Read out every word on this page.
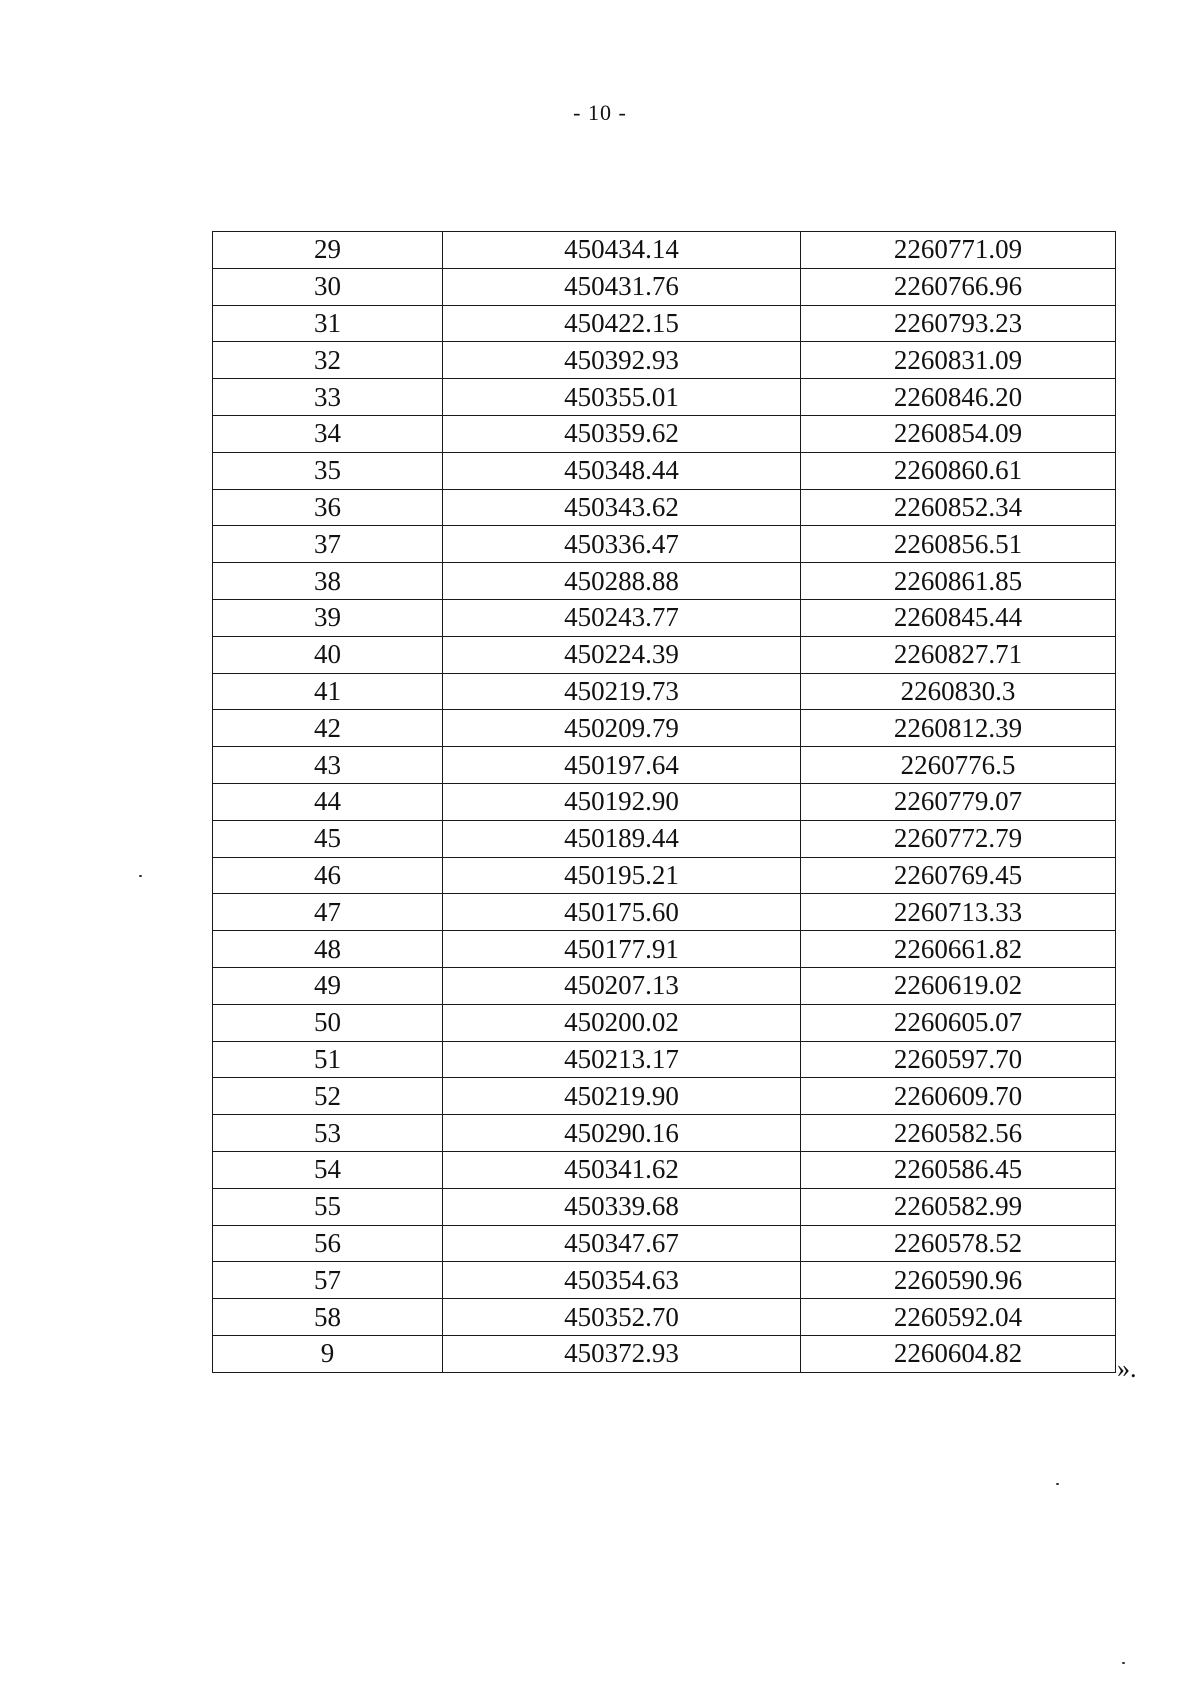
- 10 -
29	450434.14	2260771.09
30	450431.76	2260766.96
31	450422.15	2260793.23
32	450392.93	2260831.09
33	450355.01	2260846.20
34	450359.62	2260854.09
35	450348.44	2260860.61
36	450343.62	2260852.34
37	450336.47	2260856.51
38	450288.88	2260861.85
39	450243.77	2260845.44
40	450224.39	2260827.71
41	450219.73	2260830.3
42	450209.79	2260812.39
43	450197.64	2260776.5
44	450192.90	2260779.07
45	450189.44	2260772.79
46	450195.21	2260769.45
47	450175.60	2260713.33
48	450177.91	2260661.82
49	450207.13	2260619.02
50	450200.02	2260605.07
51	450213.17	2260597.70
52	450219.90	2260609.70
53	450290.16	2260582.56
54	450341.62	2260586.45
55	450339.68	2260582.99
56	450347.67	2260578.52
57	450354.63	2260590.96
58	450352.70	2260592.04
9	450372.93	2260604.82
».
